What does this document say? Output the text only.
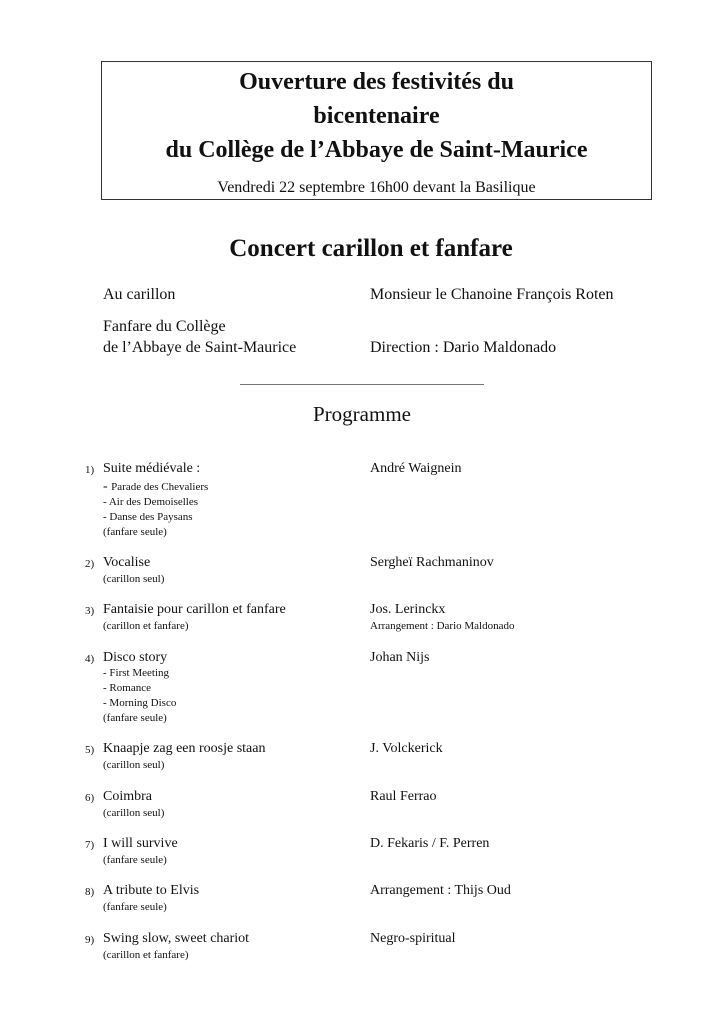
Ouverture des festivités du
bicentenaire
du Collège de l’Abbaye de Saint-Maurice
Vendredi 22 septembre 16h00 devant la Basilique
Concert carillon et fanfare
Au carillon	Monsieur le Chanoine François Roten
Fanfare du Collège
de l’Abbaye de Saint-Maurice	Direction : Dario Maldonado
Programme
1) Suite médiévale :	André Waignein
- Parade des Chevaliers
- Air des Demoiselles
- Danse des Paysans
(fanfare seule)
2) Vocalise	Sergheï Rachmaninov
(carillon seul)
3) Fantaisie pour carillon et fanfare	Jos. Lerinckx
(carillon et fanfare)	Arrangement : Dario Maldonado
4) Disco story	Johan Nijs
- First Meeting
- Romance
- Morning Disco
(fanfare seule)
5) Knaapje zag een roosje staan	J. Volckerick
(carillon seul)
6) Coimbra	Raul Ferrao
(carillon seul)
7) I will survive	D. Fekaris / F. Perren
(fanfare seule)
8) A tribute to Elvis	Arrangement : Thijs Oud
(fanfare seule)
9) Swing slow, sweet chariot	Negro-spiritual
(carillon et fanfare)
